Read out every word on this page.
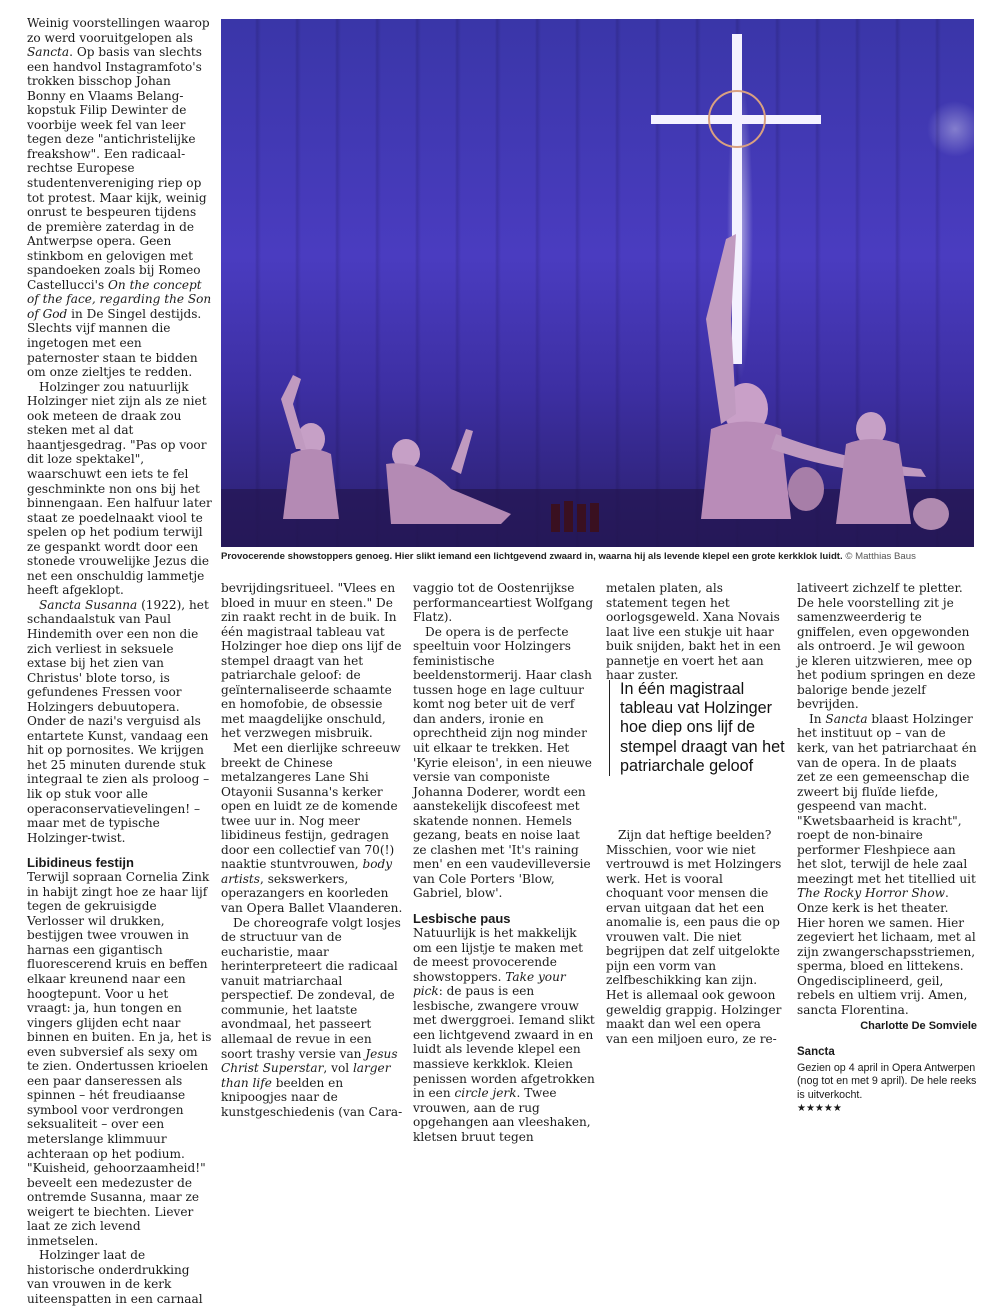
Weinig voorstellingen waarop zo werd vooruitgelopen als Sancta. Op basis van slechts een handvol Instagramfoto's trokken bisschop Johan Bonny en Vlaams Belang-kopstuk Filip Dewinter de voorbije week fel van leer tegen deze "antichristelijke freakshow". Een radicaal-rechtse Europese studentenvereniging riep op tot protest. Maar kijk, weinig onrust te bespeuren tijdens de première zaterdag in de Antwerpse opera. Geen stinkbom en gelovigen met spandoeken zoals bij Romeo Castellucci's On the concept of the face, regarding the Son of God in De Singel destijds. Slechts vijf mannen die ingetogen met een paternoster staan te bidden om onze zieltjes te redden.

Holzinger zou natuurlijk Holzinger niet zijn als ze niet ook meteen de draak zou steken met al dat haantjesgedrag. "Pas op voor dit loze spektakel", waarschuwt een iets te fel geschminkte non ons bij het binnengaan. Een halfuur later staat ze poedelnaakt viool te spelen op het podium terwijl ze gespankt wordt door een stonede vrouwelijke Jezus die net een onschuldig lammetje heeft afgeklopt.

Sancta Susanna (1922), het schandaalstuk van Paul Hindemith over een non die zich verliest in seksuele extase bij het zien van Christus' blote torso, is gefundenes Fressen voor Holzingers debuutopera. Onder de nazi's verguisd als entartete Kunst, vandaag een hit op pornosites. We krijgen het 25 minuten durende stuk integraal te zien als proloog – lik op stuk voor alle operaconservatievelingen! – maar met de typische Holzinger-twist.

Libidineus festijn

Terwijl sopraan Cornelia Zink in habijt zingt hoe ze haar lijf tegen de gekruisigde Verlosser wil drukken, bestijgen twee vrouwen in harnas een gigantisch fluorescerend kruis en beffen elkaar kreunend naar een hoogtepunt. Voor u het vraagt: ja, hun tongen en vingers glijden echt naar binnen en buiten. En ja, het is even subversief als sexy om te zien. Ondertussen krioelen een paar danseressen als spinnen – hét freudiaanse symbool voor verdrongen seksualiteit – over een meterslange klimmuur achteraan op het podium. "Kuisheid, gehoorzaamheid!" beveelt een medezuster de ontremde Susanna, maar ze weigert te biechten. Liever laat ze zich levend inmetselen.

Holzinger laat de historische onderdrukking van vrouwen in de kerk uiteenspatten in een carnaal

Provocerende showstoppers genoeg. Hier slikt iemand een lichtgevend zwaard in, waarna hij als levende klepel een grote kerkklok luidt. © Matthias Baus

bevrijdingsritueel. "Vlees en bloed in muur en steen." De zin raakt recht in de buik. In één magistraal tableau vat Holzinger hoe diep ons lijf de stempel draagt van het patriarchale geloof: de geïnternaliseerde schaamte en homofobie, de obsessie met maagdelijke onschuld, het verzwegen misbruik.

Met een dierlijke schreeuw breekt de Chinese metalzangeres Lane Shi Otayonii Susanna's kerker open en luidt ze de komende twee uur in. Nog meer libidineus festijn, gedragen door een collectief van 70(!) naaktie stuntvrouwen, body artists, sekswerkers, operazangers en koorleden van Opera Ballet Vlaanderen.

De choreografe volgt losjes de structuur van de eucharistie, maar herinterpreteert die radicaal vanuit matriarchaal perspectief. De zondeval, de communie, het laatste avondmaal, het passeert allemaal de revue in een soort trashy versie van Jesus Christ Superstar, vol larger than life beelden en knipoogjes naar de kunstgeschiedenis (van Cara-

vaggio tot de Oostenrijkse performanceartiest Wolfgang Flatz).

De opera is de perfecte speeltuin voor Holzingers feministische beeldenstormerij. Haar clash tussen hoge en lage cultuur komt nog beter uit de verf dan anders, ironie en oprechtheid zijn nog minder uit elkaar te trekken. Het 'Kyrie eleison', in een nieuwe versie van componiste Johanna Doderer, wordt een aanstekelijk discofeest met skatende nonnen. Hemels gezang, beats en noise laat ze clashen met 'It's raining men' en een vaudevilleversie van Cole Porters 'Blow, Gabriel, blow'.

Lesbische paus

Natuurlijk is het makkelijk om een lijstje te maken met de meest provocerende showstoppers. Take your pick: de paus is een lesbische, zwangere vrouw met dwerggroei. Iemand slikt een lichtgevend zwaard in en luidt als levende klepel een massieve kerkklok. Kleien penissen worden afgetrokken in een circle jerk. Twee vrouwen, aan de rug opgehangen aan vleeshaken, kletsen bruut tegen

metalen platen, als statement tegen het oorlogsgeweld. Xana Novais laat live een stukje uit haar buik snijden, bakt het in een pannetje en voert het aan haar zuster.

In één magistraal tableau vat Holzinger hoe diep ons lijf de stempel draagt van het patriarchale geloof

Zijn dat heftige beelden? Misschien, voor wie niet vertrouwd is met Holzingers werk. Het is vooral choquant voor mensen die ervan uitgaan dat het een anomalie is, een paus die op vrouwen valt. Die niet begrijpen dat zelf uitgelokte pijn een vorm van zelfbeschikking kan zijn. Het is allemaal ook gewoon geweldig grappig. Holzinger maakt dan wel een opera van een miljoen euro, ze re-

lativeert zichzelf te pletter. De hele voorstelling zit je samenzweerderig te gniffelen, even opgewonden als ontroerd. Je wil gewoon je kleren uitzwieren, mee op het podium springen en deze balorige bende jezelf bevrijden.

In Sancta blaast Holzinger het instituut op – van de kerk, van het patriarchaat én van de opera. In de plaats zet ze een gemeenschap die zweert bij fluïde liefde, gespeend van macht. "Kwetsbaarheid is kracht", roept de non-binaire performer Fleshpiece aan het slot, terwijl de hele zaal meezingt met het titellied uit The Rocky Horror Show. Onze kerk is het theater. Hier horen we samen. Hier zegeviert het lichaam, met al zijn zwangerschapsstriemen, sperma, bloed en littekens. Ongedisciplineerd, geil, rebels en ultiem vrij. Amen, sancta Florentina.

Charlotte De Somviele
Sancta
Gezien op 4 april in Opera Antwerpen (nog tot en met 9 april). De hele reeks is uitverkocht.
★★★★★
